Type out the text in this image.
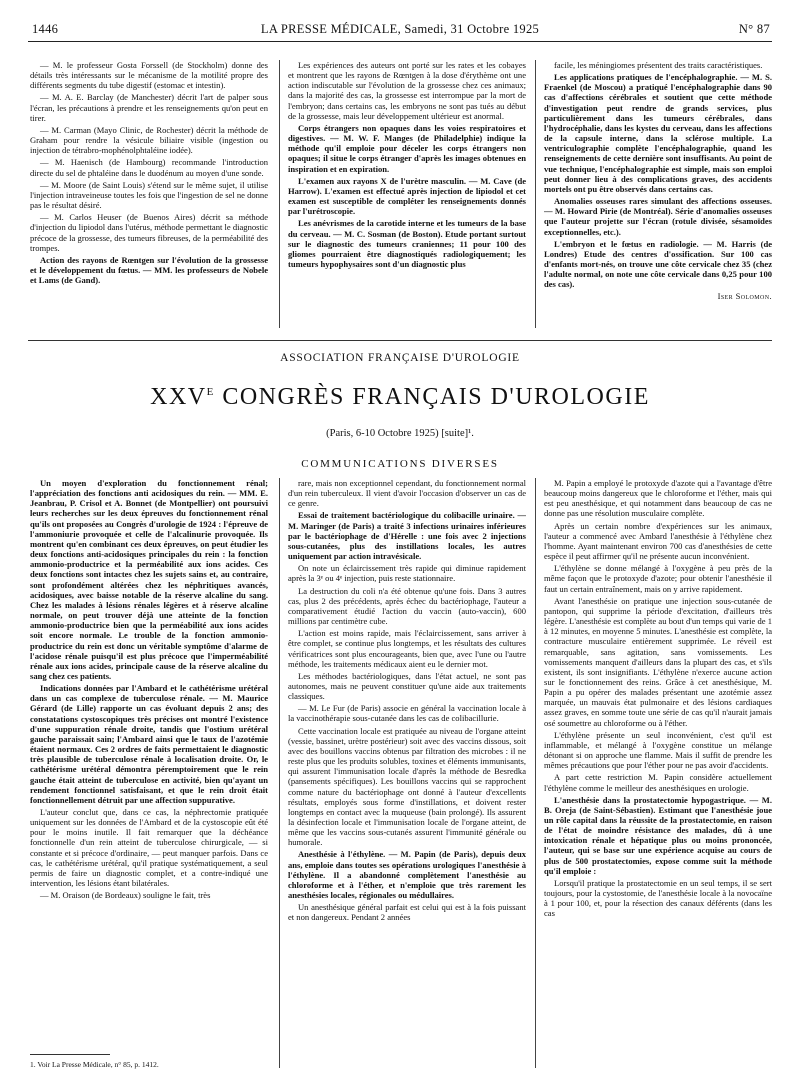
1446	LA PRESSE MÉDICALE, Samedi, 31 Octobre 1925	N° 87

— M. le professeur Gosta Forssell (de Stockholm) donne des détails très intéressants sur le mécanisme de la motilité propre des différents segments du tube digestif (estomac et intestin).

— M. A. E. Barclay (de Manchester) décrit l'art de palper sous l'écran, les précautions à prendre et les renseignements qu'on peut en tirer.

— M. Carman (Mayo Clinic, de Rochester) décrit la méthode de Graham pour rendre la vésicule biliaire visible (ingestion ou injection de tétrabro-mophénolphtaléine iodée).

— M. Haenisch (de Hambourg) recommande l'introduction directe du sel de phtaléine dans le duodénum au moyen d'une sonde.

— M. Moore (de Saint Louis) s'étend sur le même sujet, il utilise l'injection intraveineuse toutes les fois que l'ingestion de sel ne donne pas le résultat désiré.

— M. Carlos Heuser (de Buenos Aires) décrit sa méthode d'injection du lipiodol dans l'utérus, méthode permettant le diagnostic précoce de la grossesse, des tumeurs fibreuses, de la perméabilité des trompes.

Action des rayons de Rœntgen sur l'évolution de la grossesse et le développement du fœtus. — MM. les professeurs de Nobele et Lams (de Gand).

Les expériences des auteurs ont porté sur les rates et les cobayes et montrent que les rayons de Rœntgen à la dose d'érythème ont une action indiscutable sur l'évolution de la grossesse chez ces animaux; dans la majorité des cas, la grossesse est interrompue par la mort de l'embryon; dans certains cas, les embryons ne sont pas tués au début de la grossesse, mais leur développement ultérieur est anormal.

Corps étrangers non opaques dans les voies respiratoires et digestives. — M. W. F. Manges (de Philadelphie) indique la méthode qu'il emploie pour déceler les corps étrangers non opaques; il situe le corps étranger d'après les images obtenues en inspiration et en expiration.

L'examen aux rayons X de l'urètre masculin. — M. Cave (de Harrow). L'examen est effectué après injection de lipiodol et cet examen est susceptible de compléter les renseignements donnés par l'urétroscopie.

Les anévrismes de la carotide interne et les tumeurs de la base du cerveau. — M. C. Sosman (de Boston). Etude portant surtout sur le diagnostic des tumeurs craniennes; 11 pour 100 des gliomes pourraient être diagnostiqués radiologiquement; les tumeurs hypophysaires sont d'un diagnostic plus

facile, les méningiomes présentent des traits caractéristiques.

Les applications pratiques de l'encéphalographie. — M. S. Fraenkel (de Moscou) a pratiqué l'encéphalographie dans 90 cas d'affections cérébrales et soutient que cette méthode d'investigation peut rendre de grands services, plus particulièrement dans les tumeurs cérébrales, dans l'hydrocéphalie, dans les kystes du cerveau, dans les affections de la capsule interne, dans la sclérose multiple. La ventriculographie complète l'encéphalographie, quand les renseignements de cette dernière sont insuffisants. Au point de vue technique, l'encéphalographie est simple, mais son emploi peut donner lieu à des complications graves, des accidents mortels ont pu être observés dans certains cas.

Anomalies osseuses rares simulant des affections osseuses. — M. Howard Pirie (de Montréal). Série d'anomalies osseuses que l'auteur projette sur l'écran (rotule divisée, sésamoïdes exceptionnelles, etc.).

L'embryon et le fœtus en radiologie. — M. Harris (de Londres) Etude des centres d'ossification. Sur 100 cas d'enfants mort-nés, on trouve une côte cervicale chez 35 (chez l'adulte normal, on note une côte cervicale dans 0,25 pour 100 des cas).

Iser Solomon.

ASSOCIATION FRANÇAISE D'UROLOGIE
$XXV^E$ CONGRÈS FRANÇAIS D'UROLOGIE
(Paris, 6-10 Octobre 1925) [suite]¹.
COMMUNICATIONS DIVERSES

Un moyen d'exploration du fonctionnement rénal; l'appréciation des fonctions anti acidosiques du rein. — MM. E. Jeanbrau, P. Crisol et A. Bonnet (de Montpellier) ont poursuivi leurs recherches sur les deux épreuves du fonctionnement rénal qu'ils ont proposées au Congrès d'urologie de 1924 : l'épreuve de l'ammoniurie provoquée et celle de l'alcalinurie provoquée. Ils montrent qu'en combinant ces deux épreuves, on peut étudier les deux fonctions anti-acidosiques principales du rein : la fonction ammonio-productrice et la perméabilité aux ions acides. Ces deux fonctions sont intactes chez les sujets sains et, au contraire, sont profondément altérées chez les néphritiques avancés, acidosiques, avec baisse notable de la réserve alcaline du sang. Chez les malades à lésions rénales légères et à réserve alcaline normale, on peut trouver déjà une atteinte de la fonction ammonio-productrice bien que la perméabilité aux ions acides soit encore normale. Le trouble de la fonction ammonio-productrice du rein est donc un véritable symptôme d'alarme de l'acidose rénale puisqu'il est plus précoce que l'imperméabilité rénale aux ions acides, principale cause de la réserve alcaline du sang chez ces patients.

Indications données par l'Ambard et le cathétérisme urétéral dans un cas complexe de tuberculose rénale. — M. Maurice Gérard (de Lille) rapporte un cas évoluant depuis 2 ans; des constatations cystoscopiques très précises ont montré l'existence d'une suppuration rénale droite, tandis que l'ostium urétéral gauche paraissait sain; l'Ambard ainsi que le taux de l'azotémie étaient normaux. Ces 2 ordres de faits permettaient le diagnostic très plausible de tuberculose rénale à localisation droite. Or, le cathétérisme urétéral démontra péremptoirement que le rein gauche était atteint de tuberculose en activité, bien qu'ayant un rendement fonctionnel satisfaisant, et que le rein droit était fonctionnellement détruit par une affection suppurative.

L'auteur conclut que, dans ce cas, la néphrectomie pratiquée uniquement sur les données de l'Ambard et de la cystoscopie eût été pour le moins inutile. Il fait remarquer que la déchéance fonctionnelle d'un rein atteint de tuberculose chirurgicale, — si constante et si précoce d'ordinaire, — peut manquer parfois. Dans ce cas, le cathétérisme urétéral, qu'il pratique systématiquement, a seul permis de faire un diagnostic complet, et a contre-indiqué une intervention, les lésions étant bilatérales.

— M. Oraison (de Bordeaux) souligne le fait, très

rare, mais non exceptionnel cependant, du fonctionnement normal d'un rein tuberculeux. Il vient d'avoir l'occasion d'observer un cas de ce genre.

Essai de traitement bactériologique du colibacille urinaire. — M. Maringer (de Paris) a traité 3 infections urinaires inférieures par le bactériophage de d'Hérelle : une fois avec 2 injections sous-cutanées, plus des instillations locales, les autres uniquement par action intravésicale.

On note un éclaircissement très rapide qui diminue rapidement après la 3ᵉ ou 4ᵉ injection, puis reste stationnaire.

La destruction du coli n'a été obtenue qu'une fois. Dans 3 autres cas, plus 2 des précédents, après échec du bactériophage, l'auteur a comparativement étudié l'action du vaccin (auto-vaccin), 600 millions par centimètre cube.

L'action est moins rapide, mais l'éclaircissement, sans arriver à être complet, se continue plus longtemps, et les résultats des cultures vérificatrices sont plus encourageants, bien que, avec l'une ou l'autre méthode, les traitements médicaux aient eu le dernier mot.

Les méthodes bactériologiques, dans l'état actuel, ne sont pas autonomes, mais ne peuvent constituer qu'une aide aux traitements classiques.

— M. Le Fur (de Paris) associe en général la vaccination locale à la vaccinothérapie sous-cutanée dans les cas de colibacillurie.

Cette vaccination locale est pratiquée au niveau de l'organe atteint (vessie, bassinet, urètre postérieur) soit avec des vaccins dissous, soit avec des bouillons vaccins obtenus par filtration des microbes : il ne reste plus que les produits solubles, toxines et éléments immunisants, qui assurent l'immunisation locale d'après la méthode de Besredka (pansements spécifiques). Les bouillons vaccins qui se rapprochent comme nature du bactériophage ont donné à l'auteur d'excellents résultats, employés sous forme d'instillations, et doivent rester longtemps en contact avec la muqueuse (bain prolongé). Ils assurent la désinfection locale et l'immunisation locale de l'organe atteint, de même que les vaccins sous-cutanés assurent l'immunité générale ou humorale.

Anesthésie à l'éthylène. — M. Papin (de Paris), depuis deux ans, emploie dans toutes ses opérations urologiques l'anesthésie à l'éthylène. Il a abandonné complètement l'anesthésie au chloroforme et à l'éther, et n'emploie que très rarement les anesthésies locales, régionales ou médullaires.

Un anesthésique général parfait est celui qui est à la fois puissant et non dangereux. Pendant 2 années

M. Papin a employé le protoxyde d'azote qui a l'avantage d'être beaucoup moins dangereux que le chloroforme et l'éther, mais qui est peu anesthésique, et qui notamment dans beaucoup de cas ne donne pas une résolution musculaire complète.

Après un certain nombre d'expériences sur les animaux, l'auteur a commencé avec Ambard l'anesthésie à l'éthylène chez l'homme. Ayant maintenant environ 700 cas d'anesthésies de cette espèce il peut affirmer qu'il ne présente aucun inconvénient.

L'éthylène se donne mélangé à l'oxygène à peu près de la même façon que le protoxyde d'azote; pour obtenir l'anesthésie il faut un certain entraînement, mais on y arrive rapidement.

Avant l'anesthésie on pratique une injection sous-cutanée de pantopon, qui supprime la période d'excitation, d'ailleurs très légère. L'anesthésie est complète au bout d'un temps qui varie de 1 à 12 minutes, en moyenne 5 minutes. L'anesthésie est complète, la contracture musculaire entièrement supprimée. Le réveil est remarquable, sans agitation, sans vomissements. Les vomissements manquent d'ailleurs dans la plupart des cas, et s'ils existent, ils sont insignifiants. L'éthylène n'exerce aucune action sur le fonctionnement des reins. Grâce à cet anesthésique, M. Papin a pu opérer des malades présentant une azotémie assez marquée, un mauvais état pulmonaire et des lésions cardiaques assez graves, en somme toute une série de cas qu'il n'aurait jamais osé soumettre au chloroforme ou à l'éther.

L'éthylène présente un seul inconvénient, c'est qu'il est inflammable, et mélangé à l'oxygène constitue un mélange détonant si on approche une flamme. Mais il suffit de prendre les mêmes précautions que pour l'éther pour ne pas avoir d'accidents.

A part cette restriction M. Papin considère actuellement l'éthylène comme le meilleur des anesthésiques en urologie.

L'anesthésie dans la prostatectomie hypogastrique. — M. B. Oreja (de Saint-Sébastien). Estimant que l'anesthésie joue un rôle capital dans la réussite de la prostatectomie, en raison de l'état de moindre résistance des malades, dû à une intoxication rénale et hépatique plus ou moins prononcée, l'auteur, qui se base sur une expérience acquise au cours de plus de 500 prostatectomies, expose comme suit la méthode qu'il emploie :

Lorsqu'il pratique la prostatectomie en un seul temps, il se sert toujours, pour la cystostomie, de l'anesthésie locale à la novocaïne à 1 pour 100, et, pour la résection des canaux déférents (dans les cas

1. Voir La Presse Médicale, n° 85, p. 1412.
